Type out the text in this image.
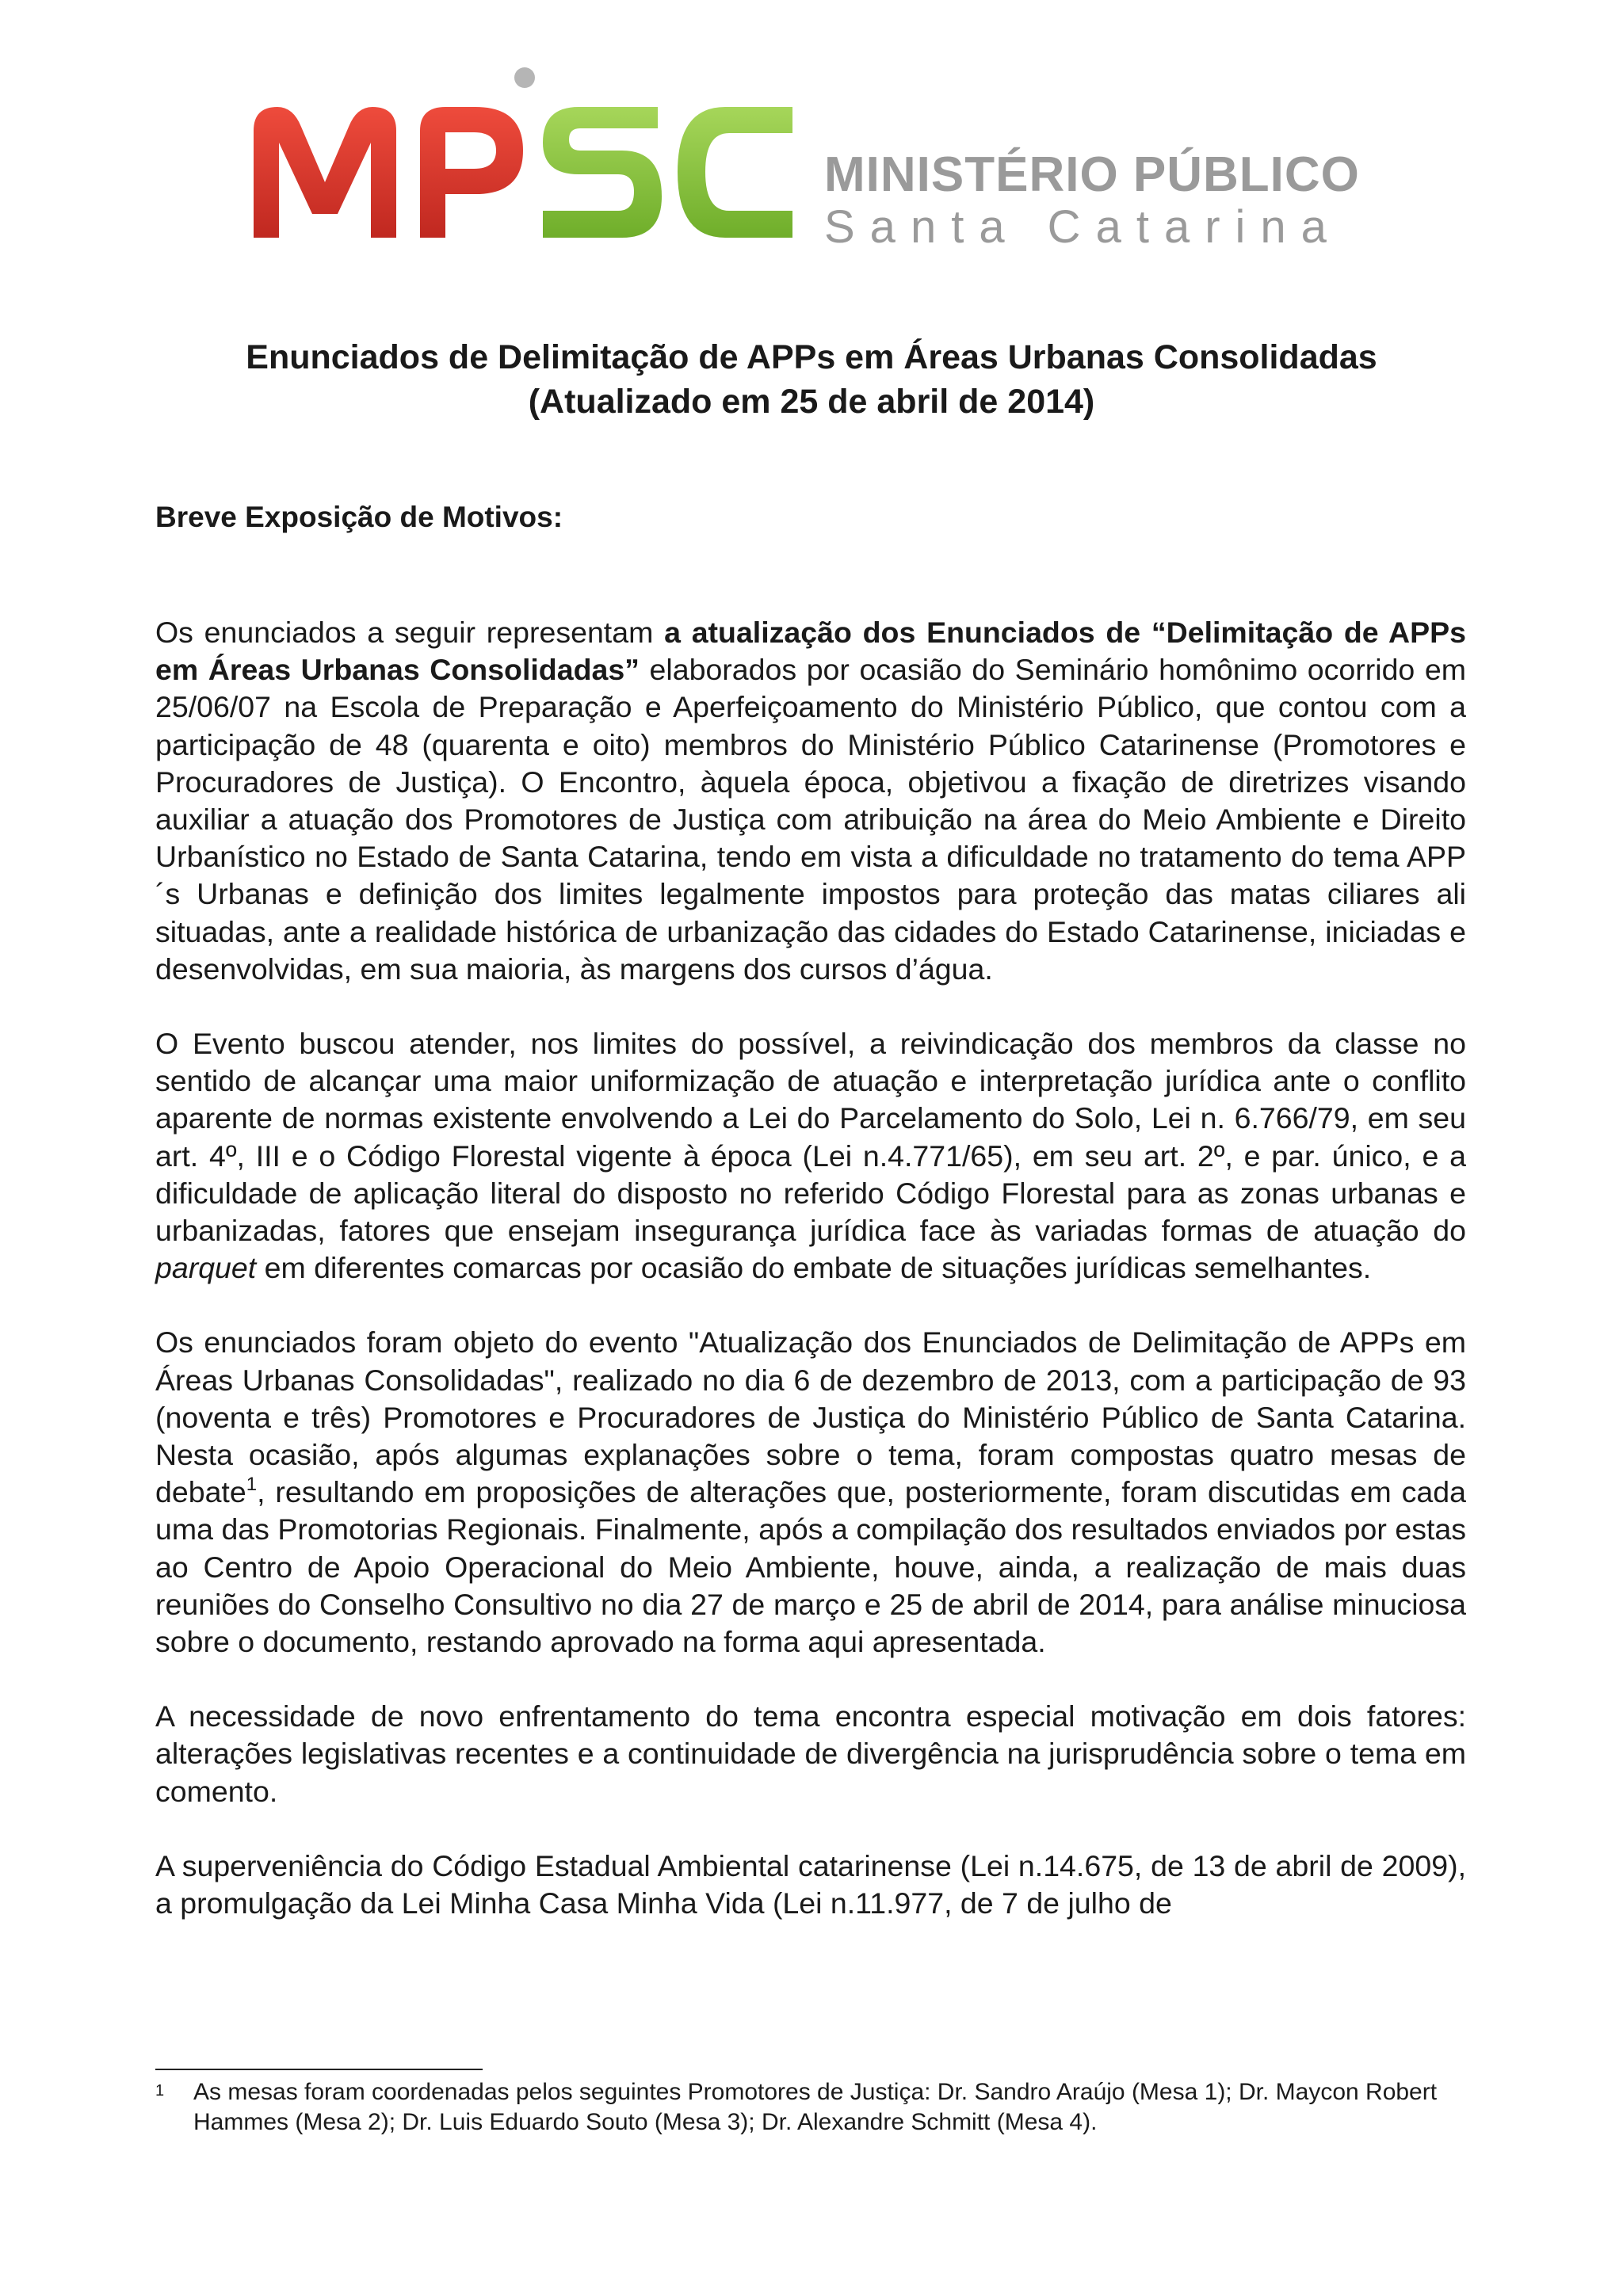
MPSC
MINISTÉRIO PÚBLICO
Santa Catarina
Enunciados de Delimitação de APPs em Áreas Urbanas Consolidadas
(Atualizado em 25 de abril de 2014)
Breve Exposição de Motivos:

Os enunciados a seguir representam a atualização dos Enunciados de “Delimitação de APPs em Áreas Urbanas Consolidadas” elaborados por ocasião do Seminário homônimo ocorrido em 25/06/07 na Escola de Preparação e Aperfeiçoamento do Ministério Público, que contou com a participação de 48 (quarenta e oito) membros do Ministério Público Catarinense (Promotores e Procuradores de Justiça). O Encontro, àquela época, objetivou a fixação de diretrizes visando auxiliar a atuação dos Promotores de Justiça com atribuição na área do Meio Ambiente e Direito Urbanístico no Estado de Santa Catarina, tendo em vista a dificuldade no tratamento do tema APP´s Urbanas e definição dos limites legalmente impostos para proteção das matas ciliares ali situadas, ante a realidade histórica de urbanização das cidades do Estado Catarinense, iniciadas e desenvolvidas, em sua maioria, às margens dos cursos d’água.

O Evento buscou atender, nos limites do possível, a reivindicação dos membros da classe no sentido de alcançar uma maior uniformização de atuação e interpretação jurídica ante o conflito aparente de normas existente envolvendo a Lei do Parcelamento do Solo, Lei n. 6.766/79, em seu art. 4º, III e o Código Florestal vigente à época (Lei n.4.771/65), em seu art. 2º, e par. único, e a dificuldade de aplicação literal do disposto no referido Código Florestal para as zonas urbanas e urbanizadas, fatores que ensejam insegurança jurídica face às variadas formas de atuação do parquet em diferentes comarcas por ocasião do embate de situações jurídicas semelhantes.

Os enunciados foram objeto do evento "Atualização dos Enunciados de Delimitação de APPs em Áreas Urbanas Consolidadas", realizado no dia 6 de dezembro de 2013, com a participação de 93 (noventa e três) Promotores e Procuradores de Justiça do Ministério Público de Santa Catarina. Nesta ocasião, após algumas explanações sobre o tema, foram compostas quatro mesas de debate$^1$, resultando em proposições de alterações que, posteriormente, foram discutidas em cada uma das Promotorias Regionais. Finalmente, após a compilação dos resultados enviados por estas ao Centro de Apoio Operacional do Meio Ambiente, houve, ainda, a realização de mais duas reuniões do Conselho Consultivo no dia 27 de março e 25 de abril de 2014, para análise minuciosa sobre o documento, restando aprovado na forma aqui apresentada.

A necessidade de novo enfrentamento do tema encontra especial motivação em dois fatores: alterações legislativas recentes e a continuidade de divergência na jurisprudência sobre o tema em comento.

A superveniência do Código Estadual Ambiental catarinense (Lei n.14.675, de 13 de abril de 2009), a promulgação da Lei Minha Casa Minha Vida (Lei n.11.977, de 7 de julho de

1 As mesas foram coordenadas pelos seguintes Promotores de Justiça: Dr. Sandro Araújo (Mesa 1); Dr. Maycon Robert Hammes (Mesa 2); Dr. Luis Eduardo Souto (Mesa 3); Dr. Alexandre Schmitt (Mesa 4).
